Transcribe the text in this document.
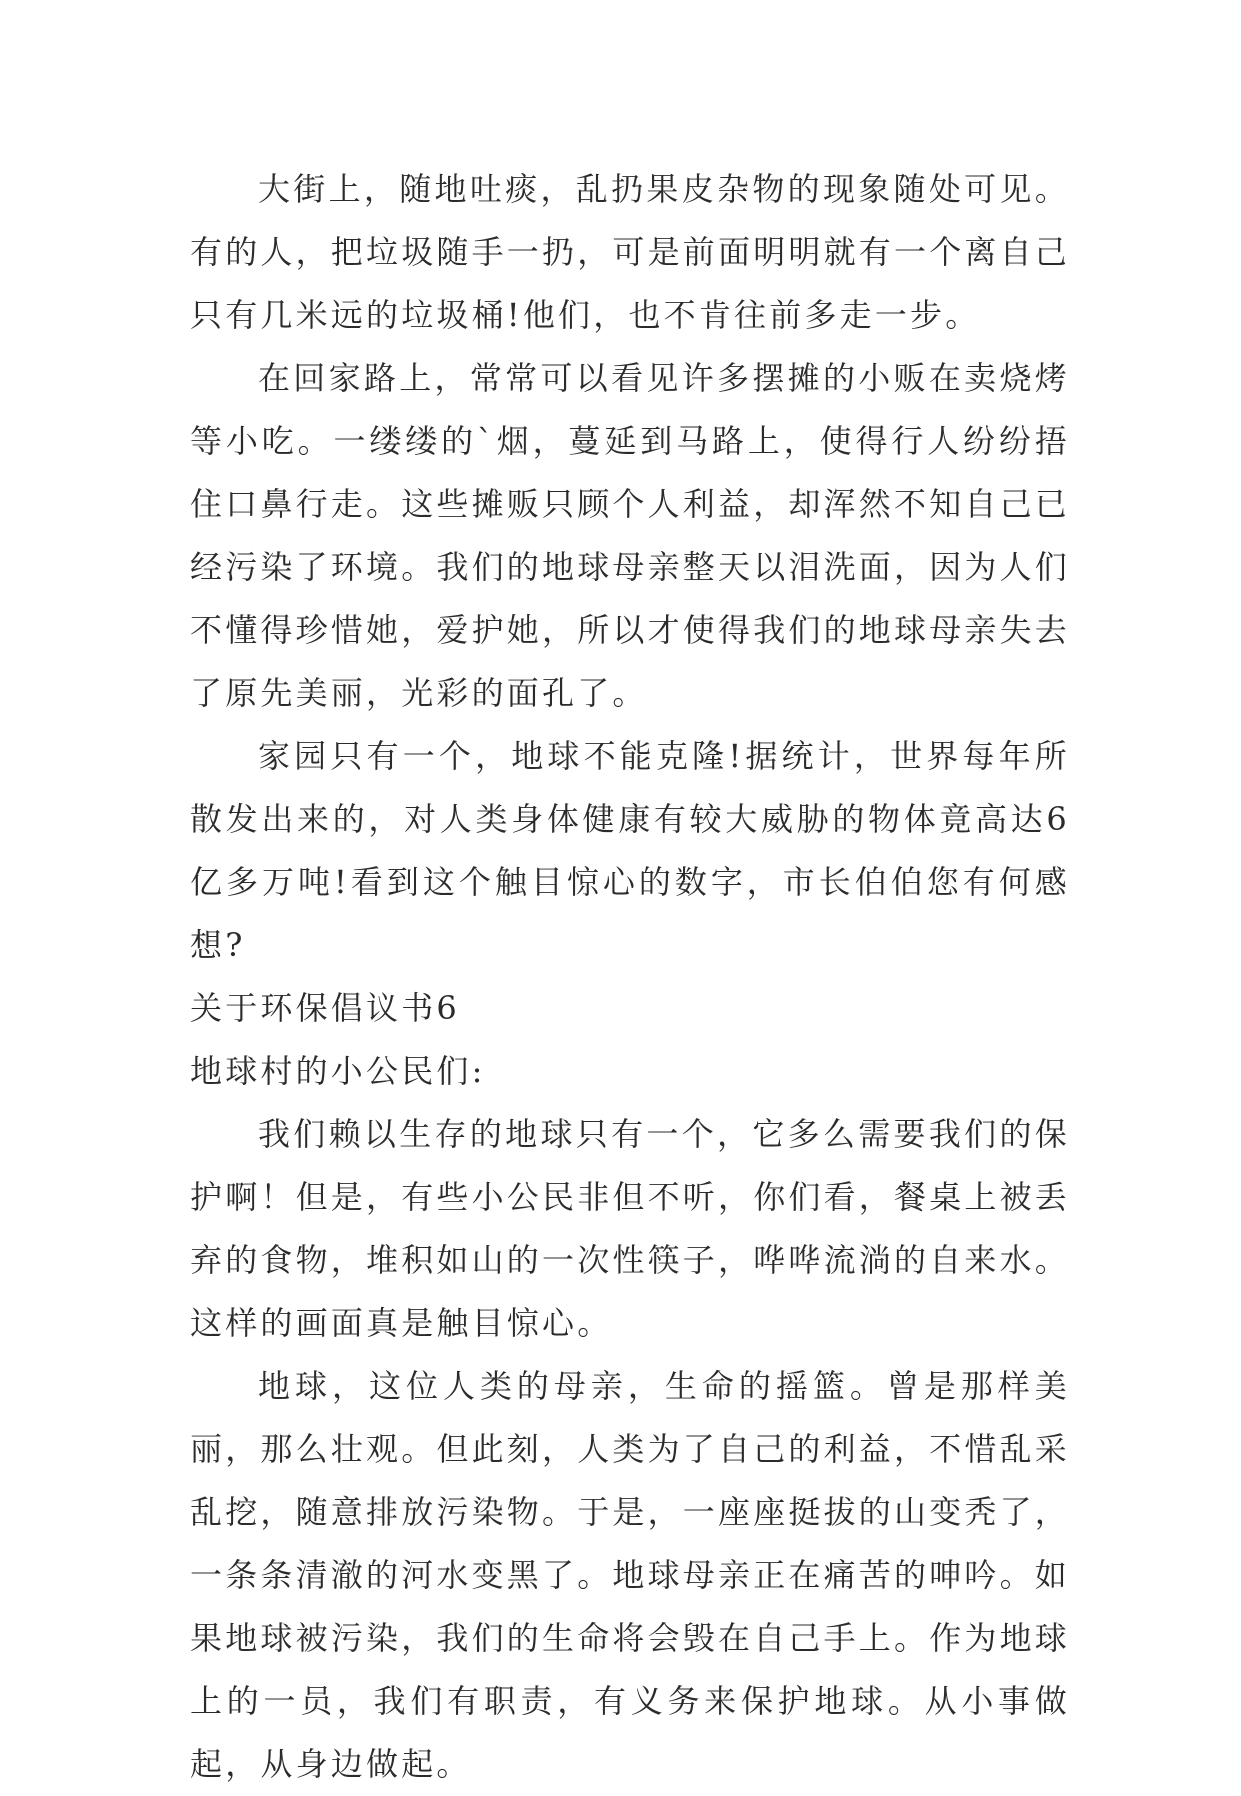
大街上，随地吐痰，乱扔果皮杂物的现象随处可见。有的人，把垃圾随手一扔，可是前面明明就有一个离自己只有几米远的垃圾桶!他们，也不肯往前多走一步。

在回家路上，常常可以看见许多摆摊的小贩在卖烧烤等小吃。一缕缕的`烟，蔓延到马路上，使得行人纷纷捂住口鼻行走。这些摊贩只顾个人利益，却浑然不知自己已经污染了环境。我们的地球母亲整天以泪洗面，因为人们不懂得珍惜她，爱护她，所以才使得我们的地球母亲失去了原先美丽，光彩的面孔了。

家园只有一个，地球不能克隆!据统计，世界每年所散发出来的，对人类身体健康有较大威胁的物体竟高达6亿多万吨!看到这个触目惊心的数字，市长伯伯您有何感想?

关于环保倡议书6

地球村的小公民们:

我们赖以生存的地球只有一个，它多么需要我们的保护啊！但是，有些小公民非但不听，你们看，餐桌上被丢弃的食物，堆积如山的一次性筷子，哗哗流淌的自来水。这样的画面真是触目惊心。

地球，这位人类的母亲，生命的摇篮。曾是那样美丽，那么壮观。但此刻，人类为了自己的利益，不惜乱采乱挖，随意排放污染物。于是，一座座挺拔的山变秃了，一条条清澈的河水变黑了。地球母亲正在痛苦的呻吟。如果地球被污染，我们的生命将会毁在自己手上。作为地球上的一员，我们有职责，有义务来保护地球。从小事做起，从身边做起。
